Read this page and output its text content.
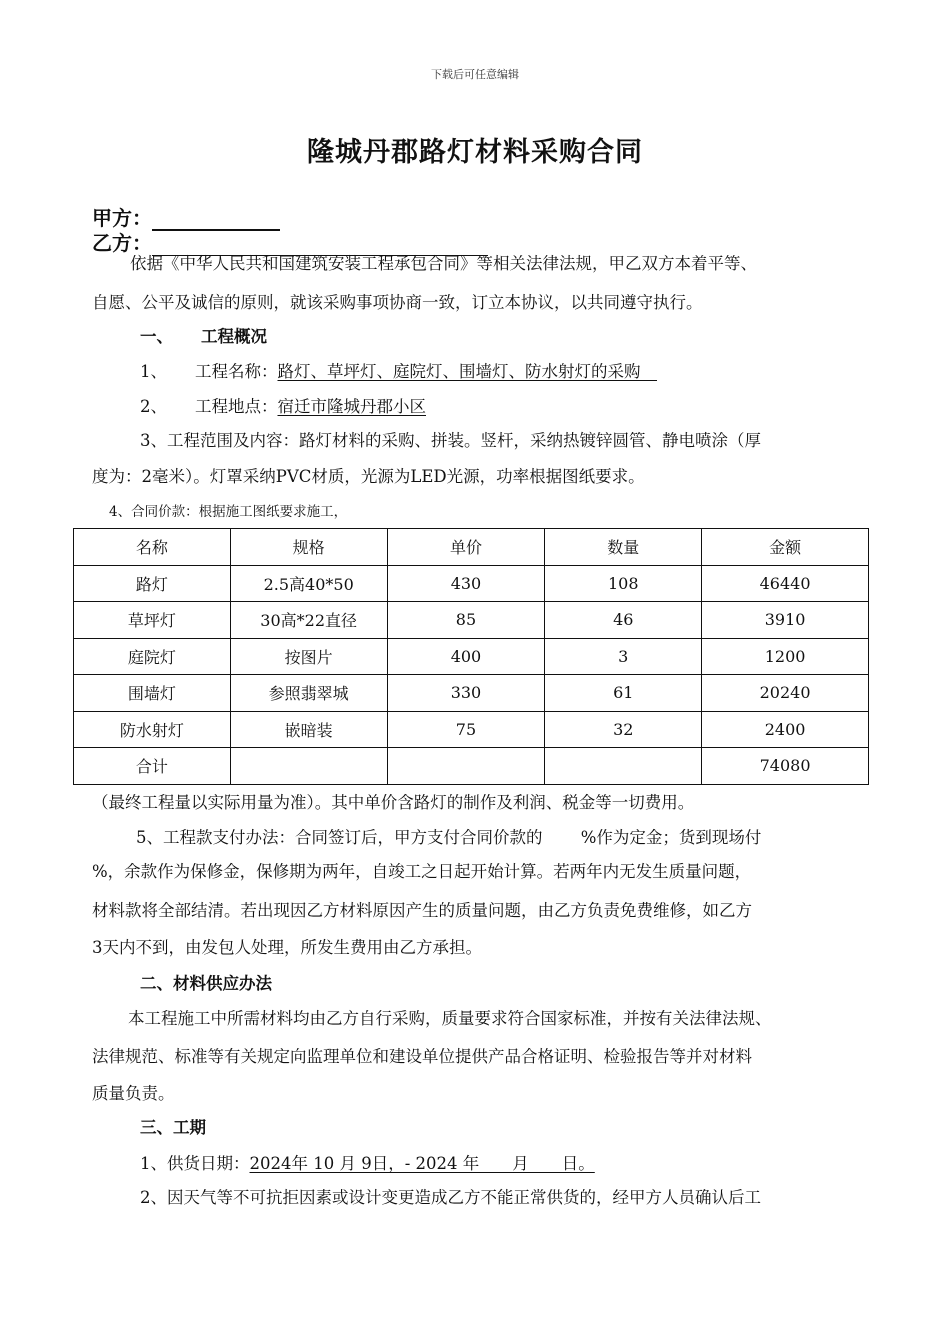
下载后可任意编辑
隆城丹郡路灯材料采购合同
甲方：
乙方：
依据《中华人民共和国建筑安装工程承包合同》等相关法律法规，甲乙双方本着平等、
自愿、公平及诚信的原则，就该采购事项协商一致，订立本协议，以共同遵守执行。
一、 工程概况
1、 工程名称：路灯、草坪灯、庭院灯、围墙灯、防水射灯的采购　
2、 工程地点：宿迁市隆城丹郡小区
3、工程范围及内容：路灯材料的采购、拼装。竖杆，采纳热镀锌圆管、静电喷涂（厚
度为：2毫米）。灯罩采纳PVC材质，光源为LED光源，功率根据图纸要求。
4、合同价款：根据施工图纸要求施工，
名称	规格	单价	数量	金额
路灯	2.5高40*50	430	108	46440
草坪灯	30高*22直径	85	46	3910
庭院灯	按图片	400	3	1200
围墙灯	参照翡翠城	330	61	20240
防水射灯	嵌暗装	75	32	2400
合计				74080
（最终工程量以实际用量为准）。其中单价含路灯的制作及利润、税金等一切费用。
5、工程款支付办法：合同签订后，甲方支付合同价款的　　 %作为定金；货到现场付
%，余款作为保修金，保修期为两年，自竣工之日起开始计算。若两年内无发生质量问题，
材料款将全部结清。若出现因乙方材料原因产生的质量问题，由乙方负责免费维修，如乙方
3天内不到，由发包人处理，所发生费用由乙方承担。
二、材料供应办法
本工程施工中所需材料均由乙方自行采购，质量要求符合国家标准，并按有关法律法规、
法律规范、标准等有关规定向监理单位和建设单位提供产品合格证明、检验报告等并对材料
质量负责。
三、工期
1、供货日期：2024年 10 月 9日，- 2024 年　　月　　日。
2、因天气等不可抗拒因素或设计变更造成乙方不能正常供货的，经甲方人员确认后工
